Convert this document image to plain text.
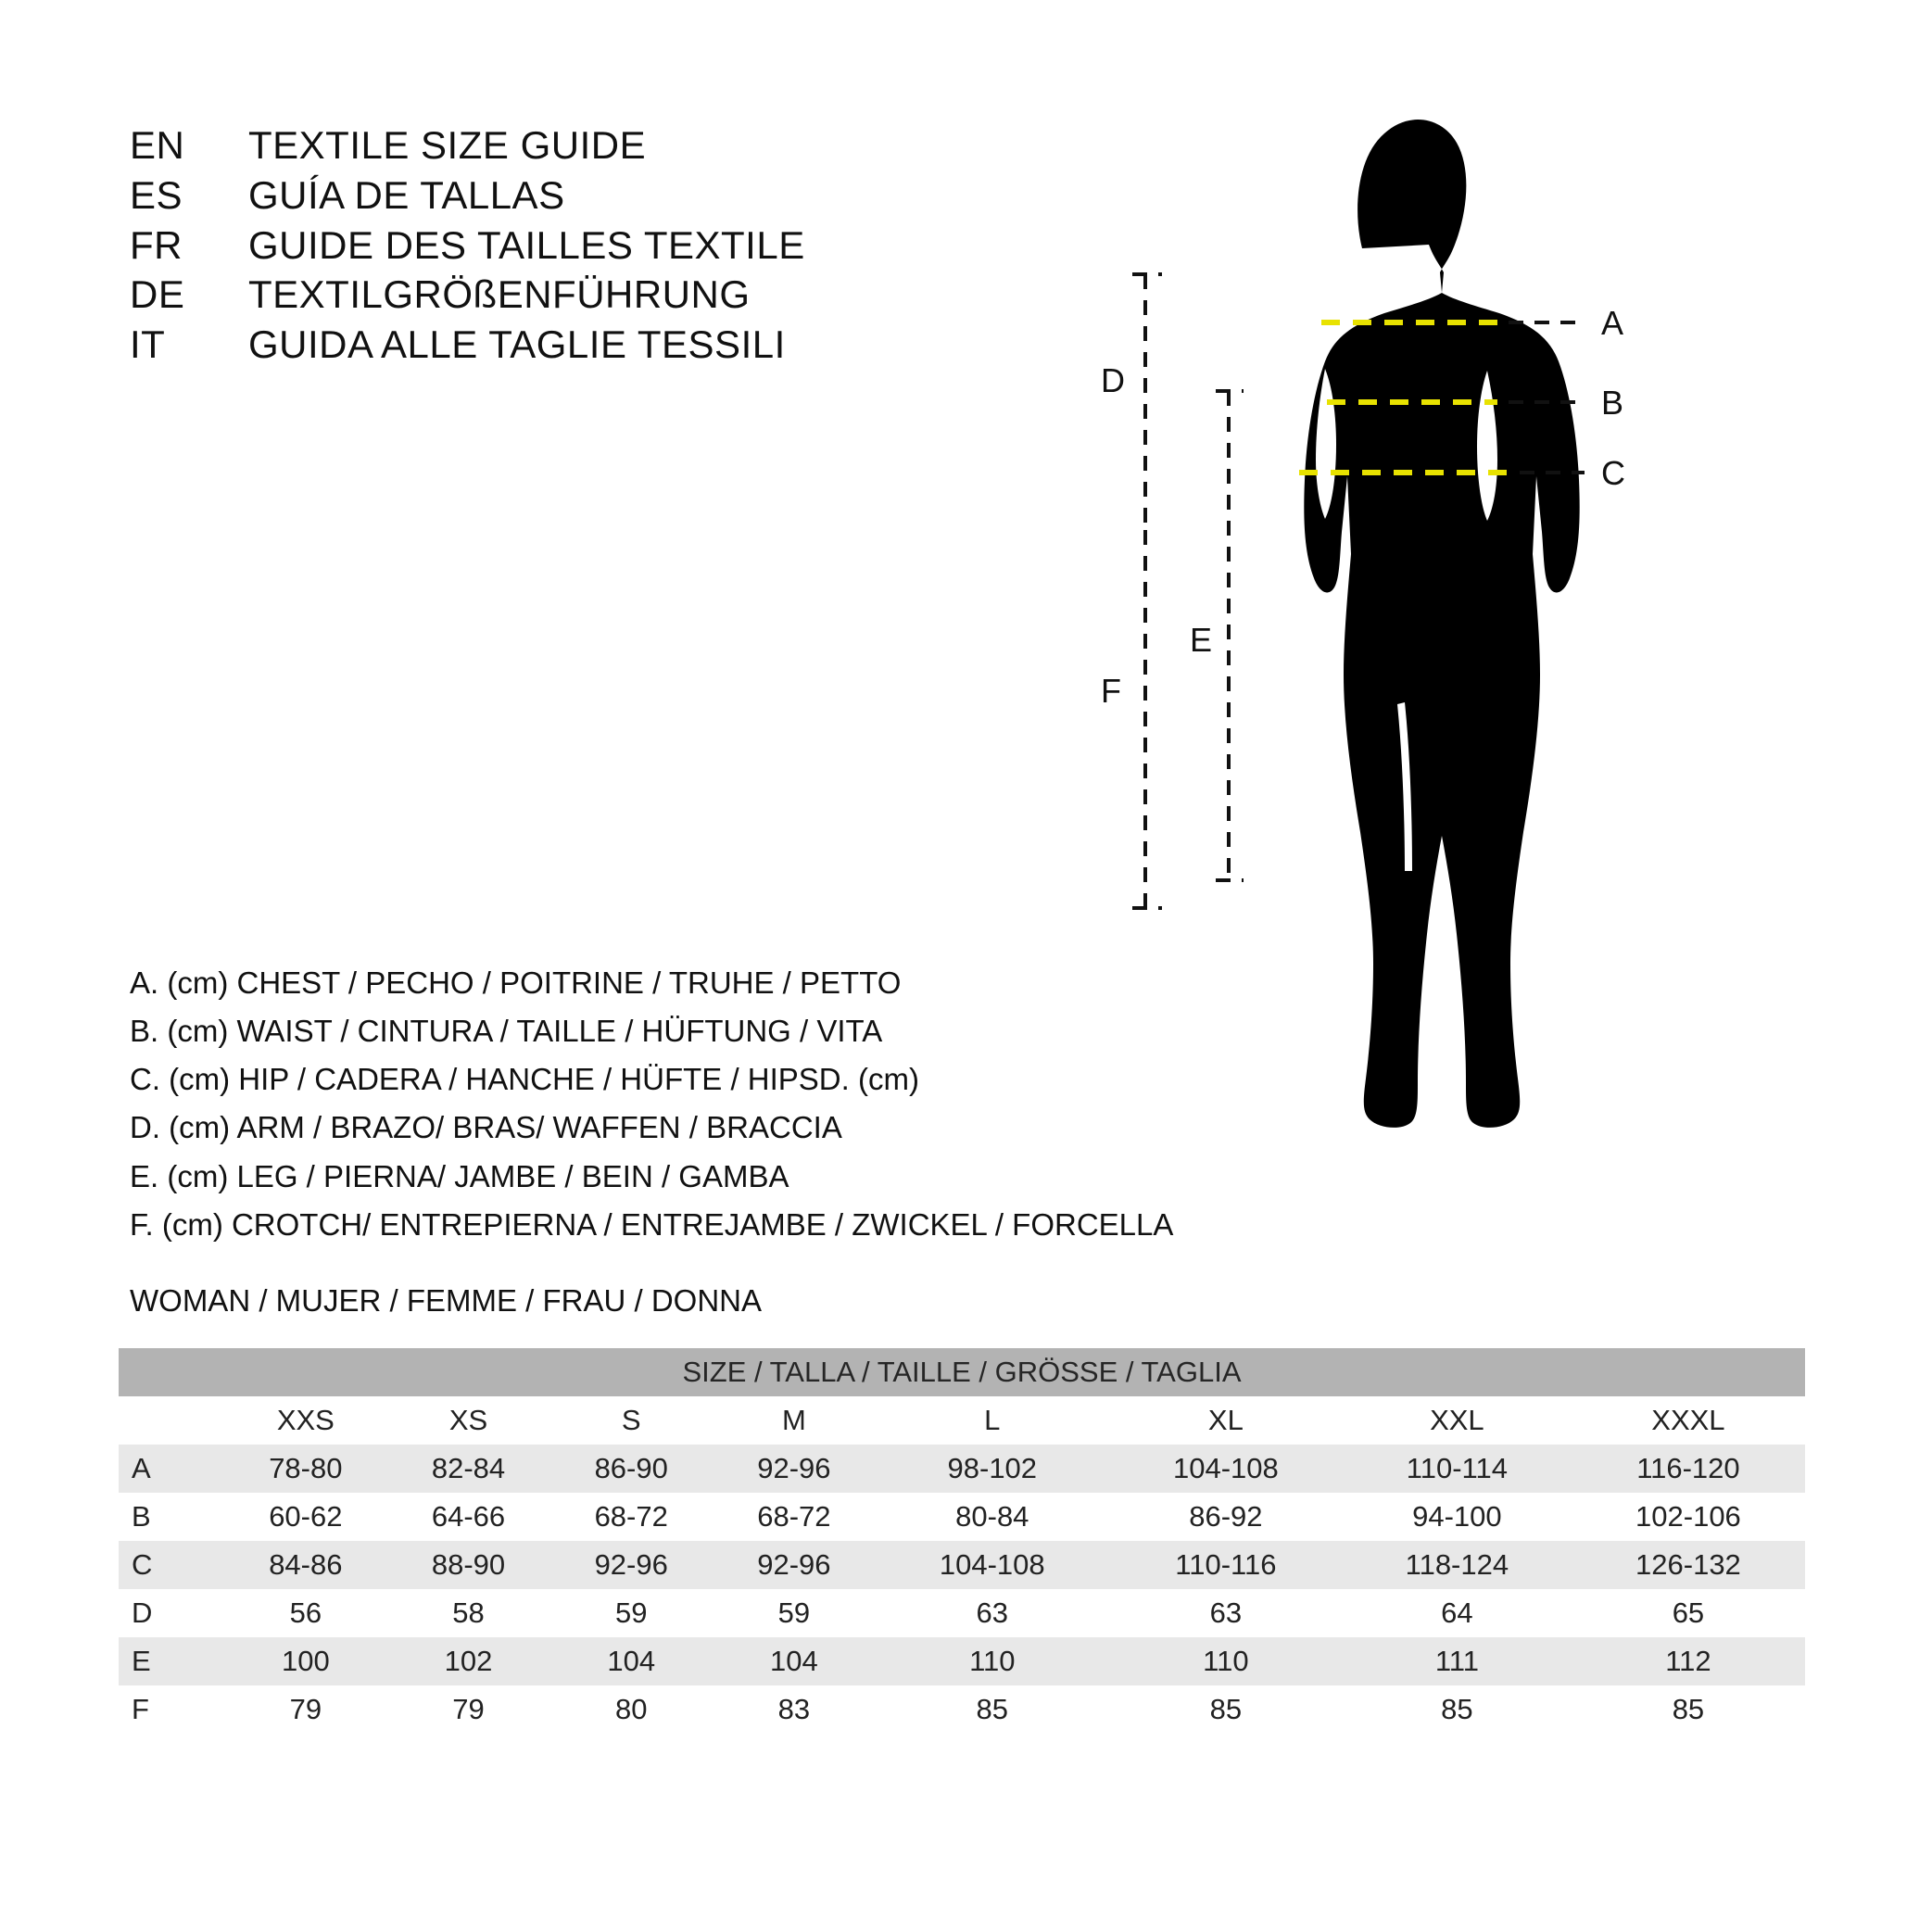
EN	TEXTILE SIZE GUIDE
ES	GUÍA DE TALLAS
FR	GUIDE DES TAILLES TEXTILE
DE	TEXTILGRÖßENFÜHRUNG
IT	GUIDA ALLE TAGLIE TESSILI	A
B
C
D
F
E
A. (cm) CHEST / PECHO / POITRINE / TRUHE / PETTO
B. (cm) WAIST / CINTURA / TAILLE / HÜFTUNG / VITA
C. (cm) HIP / CADERA / HANCHE / HÜFTE / HIPSD. (cm)
D. (cm) ARM / BRAZO/ BRAS/ WAFFEN / BRACCIA
E. (cm) LEG / PIERNA/ JAMBE / BEIN / GAMBA
F. (cm) CROTCH/ ENTREPIERNA / ENTREJAMBE / ZWICKEL / FORCELLA
WOMAN / MUJER / FEMME / FRAU / DONNA
SIZE / TALLA / TAILLE / GRÖSSE / TAGLIA								
	XXS	XS	S	M	L	XL	XXL	XXXL
A	78-80	82-84	86-90	92-96	98-102	104-108	110-114	116-120
B	60-62	64-66	68-72	68-72	80-84	86-92	94-100	102-106
C	84-86	88-90	92-96	92-96	104-108	110-116	118-124	126-132
D	56	58	59	59	63	63	64	65
E	100	102	104	104	110	110	111	112
F	79	79	80	83	85	85	85	85
